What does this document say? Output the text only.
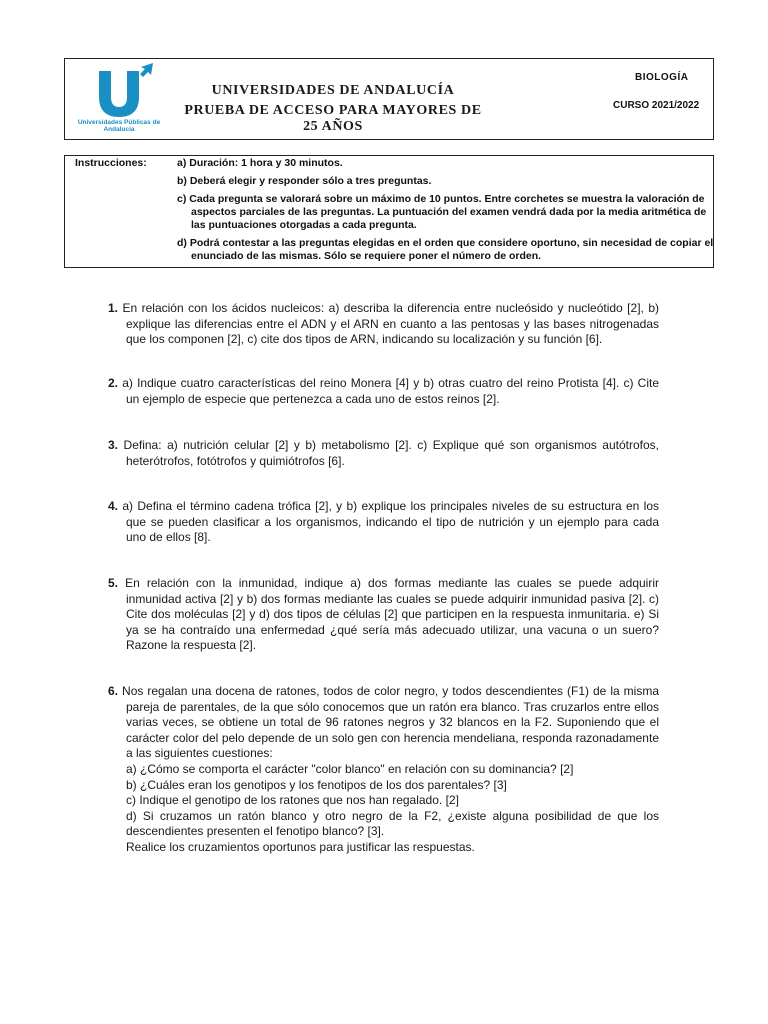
Universidades Públicas de Andalucía
UNIVERSIDADES DE ANDALUCÍA
PRUEBA DE ACCESO PARA MAYORES DE 25 AÑOS
BIOLOGÍA
CURSO 2021/2022
Instrucciones:	a) Duración: 1 hora y 30 minutos.
b) Deberá elegir y responder sólo a tres preguntas.
c) Cada pregunta se valorará sobre un máximo de 10 puntos. Entre corchetes se muestra la valoración de aspectos parciales de las preguntas. La puntuación del examen vendrá dada por la media aritmética de las puntuaciones otorgadas a cada pregunta.
d) Podrá contestar a las preguntas elegidas en el orden que considere oportuno, sin necesidad de copiar el enunciado de las mismas. Sólo se requiere poner el número de orden.
1. En relación con los ácidos nucleicos: a) describa la diferencia entre nucleósido y nucleótido [2], b) explique las diferencias entre el ADN y el ARN en cuanto a las pentosas y las bases nitrogenadas que los componen [2], c) cite dos tipos de ARN, indicando su localización y su función [6].
2. a) Indique cuatro características del reino Monera [4] y b) otras cuatro del reino Protista [4]. c) Cite un ejemplo de especie que pertenezca a cada uno de estos reinos [2].
3. Defina: a) nutrición celular [2] y b) metabolismo [2]. c) Explique qué son organismos autótrofos, heterótrofos, fotótrofos y quimiótrofos [6].
4. a) Defina el término cadena trófica [2], y b) explique los principales niveles de su estructura en los que se pueden clasificar a los organismos, indicando el tipo de nutrición y un ejemplo para cada uno de ellos [8].
5. En relación con la inmunidad, indique a) dos formas mediante las cuales se puede adquirir inmunidad activa [2] y b) dos formas mediante las cuales se puede adquirir inmunidad pasiva [2]. c) Cite dos moléculas [2] y d) dos tipos de células [2] que participen en la respuesta inmunitaria. e) Si ya se ha contraído una enfermedad ¿qué sería más adecuado utilizar, una vacuna o un suero? Razone la respuesta [2].
6. Nos regalan una docena de ratones, todos de color negro, y todos descendientes (F1) de la misma pareja de parentales, de la que sólo conocemos que un ratón era blanco. Tras cruzarlos entre ellos varias veces, se obtiene un total de 96 ratones negros y 32 blancos en la F2. Suponiendo que el carácter color del pelo depende de un solo gen con herencia mendeliana, responda razonadamente a las siguientes cuestiones:
a) ¿Cómo se comporta el carácter "color blanco" en relación con su dominancia? [2]
b) ¿Cuáles eran los genotipos y los fenotipos de los dos parentales? [3]
c) Indique el genotipo de los ratones que nos han regalado. [2]
d) Si cruzamos un ratón blanco y otro negro de la F2, ¿existe alguna posibilidad de que los descendientes presenten el fenotipo blanco? [3].
Realice los cruzamientos oportunos para justificar las respuestas.
